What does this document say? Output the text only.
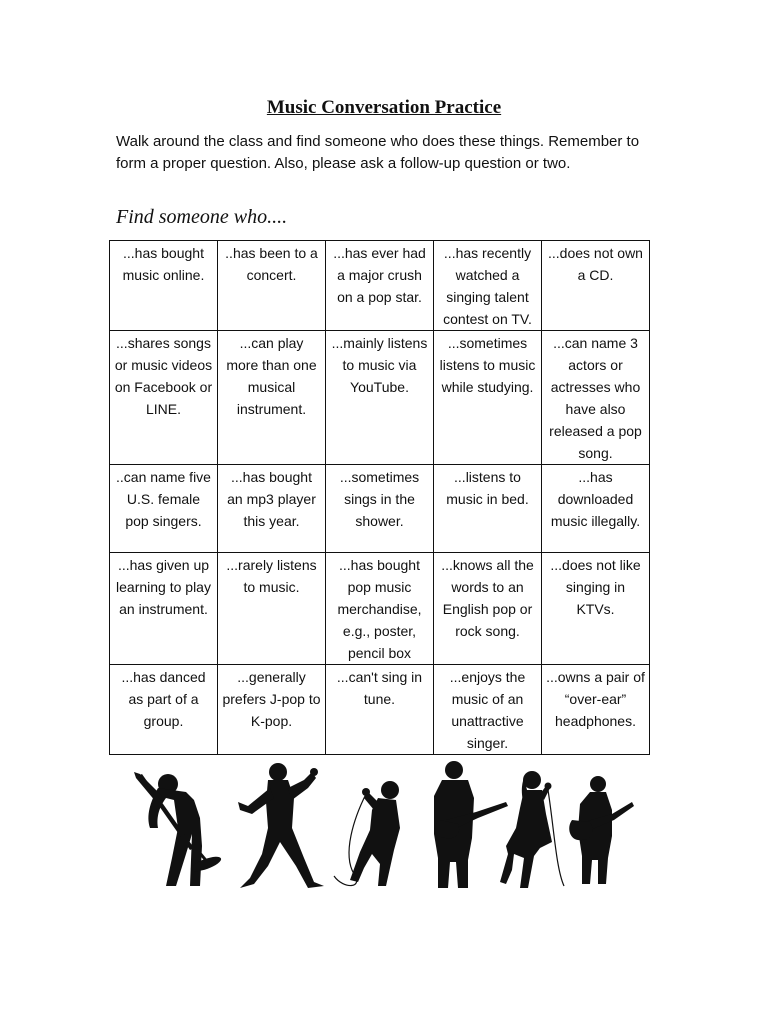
Music Conversation Practice
Walk around the class and find someone who does these things. Remember to form a proper question. Also, please ask a follow-up question or two.
Find someone who....
...has bought music online.	..has been to a concert.	...has ever had a major crush on a pop star.	...has recently watched a singing talent contest on TV.	...does not own a CD.
...shares songs or music videos on Facebook or LINE.	...can play more than one musical instrument.	...mainly listens to music via YouTube.	...sometimes listens to music while studying.	...can name 3 actors or actresses who have also released a pop song.
..can name five U.S. female pop singers.	...has bought an mp3 player this year.	...sometimes sings in the shower.	...listens to music in bed.	...has downloaded music illegally.
...has given up learning to play an instrument.	...rarely listens to music.	...has bought pop music merchandise, e.g., poster, pencil box	...knows all the words to an English pop or rock song.	...does not like singing in KTVs.
...has danced as part of a group.	...generally prefers J-pop to K-pop.	...can't sing in tune.	...enjoys the music of an unattractive singer.	...owns a pair of “over-ear” headphones.
